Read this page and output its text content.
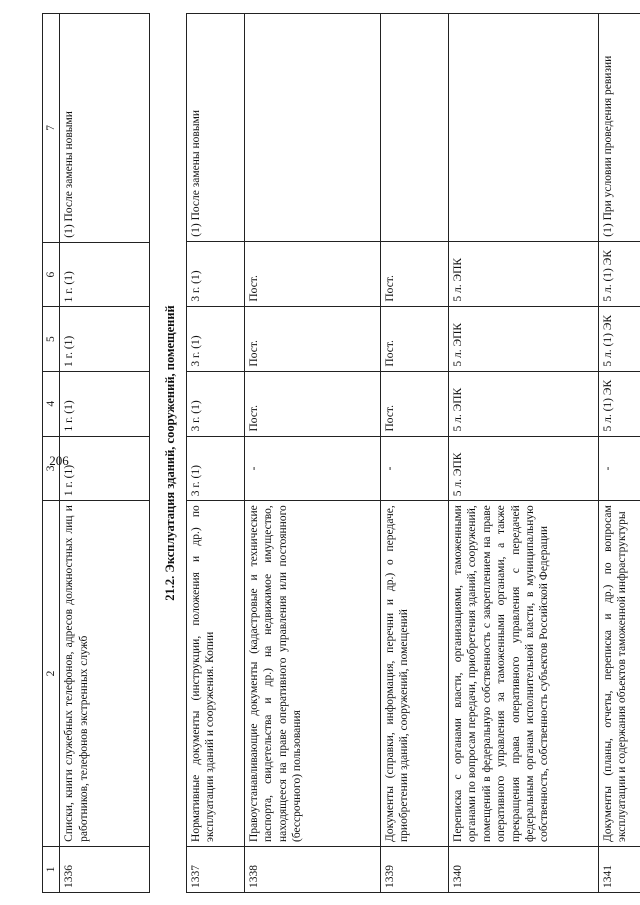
206
1	2	3	4	5	6	7
1336	Списки, книги служебных телефонов, адресов должностных лиц и работников, телефонов экстренных служб	1 г. (1)	1 г. (1)	1 г. (1)	1 г. (1)	(1) После замены новыми
21.2. Эксплуатация зданий, сооружений, помещений
1337	Нормативные документы (инструкции, положения и др.) по эксплуатации зданий и сооружения. Копии	3 г. (1)	3 г. (1)	3 г. (1)	3 г. (1)	(1) После замены новыми
1338	Правоустанавливающие документы (кадастровые и технические паспорта, свидетельства и др.) на недвижимое имущество, находящееся на праве оперативного управления или постоянного (бессрочного) пользования	-	Пост.	Пост.	Пост.	
1339	Документы (справки, информация, перечни и др.) о передаче, приобретении зданий, сооружений, помещений	-	Пост.	Пост.	Пост.	
1340	Переписка с органами власти, организациями, таможенными органами по вопросам передачи, приобретения зданий, сооружений, помещений в федеральную собственность с закреплением на праве оперативного управления за таможенными органами, а также прекращения права оперативного управления с передачей федеральным органам исполнительной власти, в муниципальную собственность, собственность субъектов Российской Федерации	5 л. ЭПК	5 л. ЭПК	5 л. ЭПК	5 л. ЭПК	
1341	Документы (планы, отчеты, переписка и др.) по вопросам эксплуатации и содержания объектов таможенной инфраструктуры	-	5 л. (1) ЭК	5 л. (1) ЭК	5 л. (1) ЭК	(1) При условии проведения ревизии
